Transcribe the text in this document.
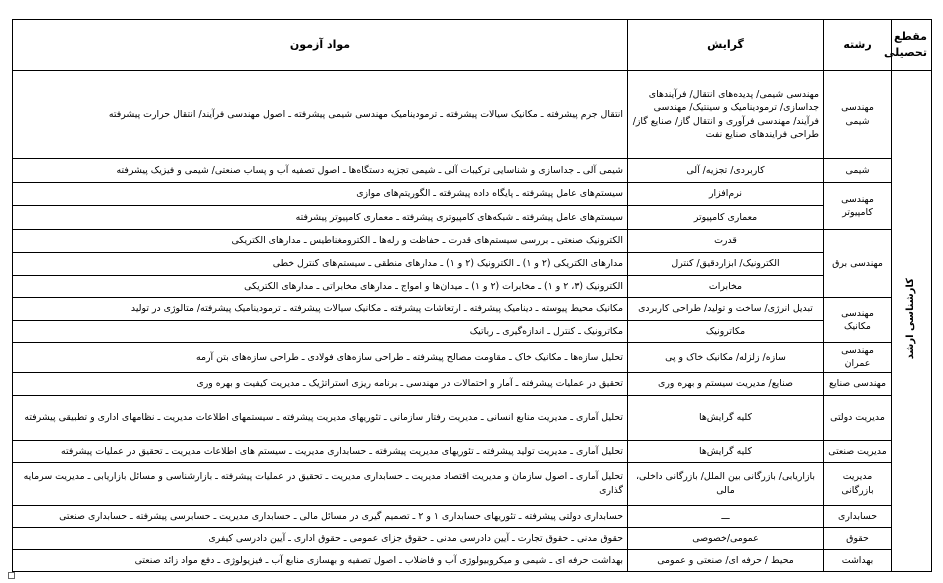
مقطع تحصیلی	رشته	گرایش	مواد آزمون
کارشناسی ارشد	مهندسی شیمی	مهندسی شیمی/ پدیده‌های انتقال/ فرآیندهای جداسازی/ ترمودینامیک و سینتیک/ مهندسی فرآیند/ مهندسی فرآوری و انتقال گاز/ صنایع گاز/ طراحی فرایندهای صنایع نفت	انتقال جرم پیشرفته ـ مکانیک سیالات پیشرفته ـ ترمودینامیک مهندسی شیمی پیشرفته ـ اصول مهندسی فرآیند/ انتقال حرارت پیشرفته
	شیمی	کاربردی/ تجزیه/ آلی	شیمی آلی ـ جداسازی و شناسایی ترکیبات آلی ـ شیمی تجزیه دستگاه‌ها ـ اصول تصفیه آب و پساب صنعتی/ شیمی و فیزیک پیشرفته
	مهندسی کامپیوتر	نرم‌افزار	سیستم‌های عامل پیشرفته ـ پایگاه داده پیشرفته ـ الگوریتم‌های موازی
		معماری کامپیوتر	سیستم‌های عامل پیشرفته ـ شبکه‌های کامپیوتری پیشرفته ـ معماری کامپیوتر پیشرفته
	مهندسی برق	قدرت	الکترونیک صنعتی ـ بررسی سیستم‌های قدرت ـ حفاظت و رله‌ها ـ الکترومغناطیس ـ مدارهای الکتریکی
		الکترونیک/ ابزاردقیق/ کنترل	مدارهای الکتریکی (۲ و ۱) ـ الکترونیک (۲ و ۱) ـ مدارهای منطقی ـ سیستم‌های کنترل خطی
		مخابرات	الکترونیک (۳، ۲ و ۱) ـ مخابرات (۲ و ۱) ـ میدان‌ها و امواج ـ مدارهای مخابراتی ـ مدارهای الکتریکی
	مهندسی مکانیک	تبدیل انرژی/ ساخت و تولید/ طراحی کاربردی	مکانیک محیط پیوسته ـ دینامیک پیشرفته ـ ارتعاشات پیشرفته ـ مکانیک سیالات پیشرفته ـ ترمودینامیک پیشرفته/ متالوژی در تولید
		مکاترونیک	مکاترونیک ـ کنترل ـ اندازه‌گیری ـ رباتیک
	مهندسی عمران	سازه/ زلزله/ مکانیک خاک و پی	تحلیل سازه‌ها ـ مکانیک خاک ـ مقاومت مصالح پیشرفته ـ طراحی سازه‌های فولادی ـ طراحی سازه‌های بتن آرمه
	مهندسی صنایع	صنایع/ مدیریت سیستم و بهره وری	تحقیق در عملیات پیشرفته ـ آمار و احتمالات در مهندسی ـ برنامه ریزی استراتژیک ـ مدیریت کیفیت و بهره وری
	مدیریت دولتی	کلیه گرایش‌ها	تحلیل آماری ـ مدیریت منابع انسانی ـ مدیریت رفتار سازمانی ـ تئوریهای مدیریت پیشرفته ـ سیستمهای اطلاعات مدیریت ـ نظامهای اداری و تطبیقی پیشرفته
	مدیریت صنعتی	کلیه گرایش‌ها	تحلیل آماری ـ مدیریت تولید پیشرفته ـ تئوریهای مدیریت پیشرفته ـ حسابداری مدیریت ـ سیستم های اطلاعات مدیریت ـ تحقیق در عملیات پیشرفته
	مدیریت بازرگانی	بازاریابی/ بازرگانی بین الملل/ بازرگانی داخلی، مالی	تحلیل آماری ـ اصول سازمان و مدیریت اقتصاد مدیریت ـ حسابداری مدیریت ـ تحقیق در عملیات پیشرفته ـ بازارشناسی و مسائل بازاریابی ـ مدیریت سرمایه گذاری
	حسابداری	ـــ	حسابداری دولتی پیشرفته ـ تئوریهای حسابداری ۱ و ۲ ـ تصمیم گیری در مسائل مالی ـ حسابداری مدیریت ـ حسابرسی پیشرفته ـ حسابداری صنعتی
	حقوق	عمومی/خصوصی	حقوق مدنی ـ حقوق تجارت ـ آیین دادرسی مدنی ـ حقوق جزای عمومی ـ حقوق اداری ـ آیین دادرسی کیفری
	بهداشت	محیط / حرفه ای/ صنعتی و عمومی	بهداشت حرفه ای ـ شیمی و میکروبیولوژی آب و فاضلاب ـ اصول تصفیه و بهسازی منابع آب ـ فیزیولوژی ـ دفع مواد زائد صنعتی
